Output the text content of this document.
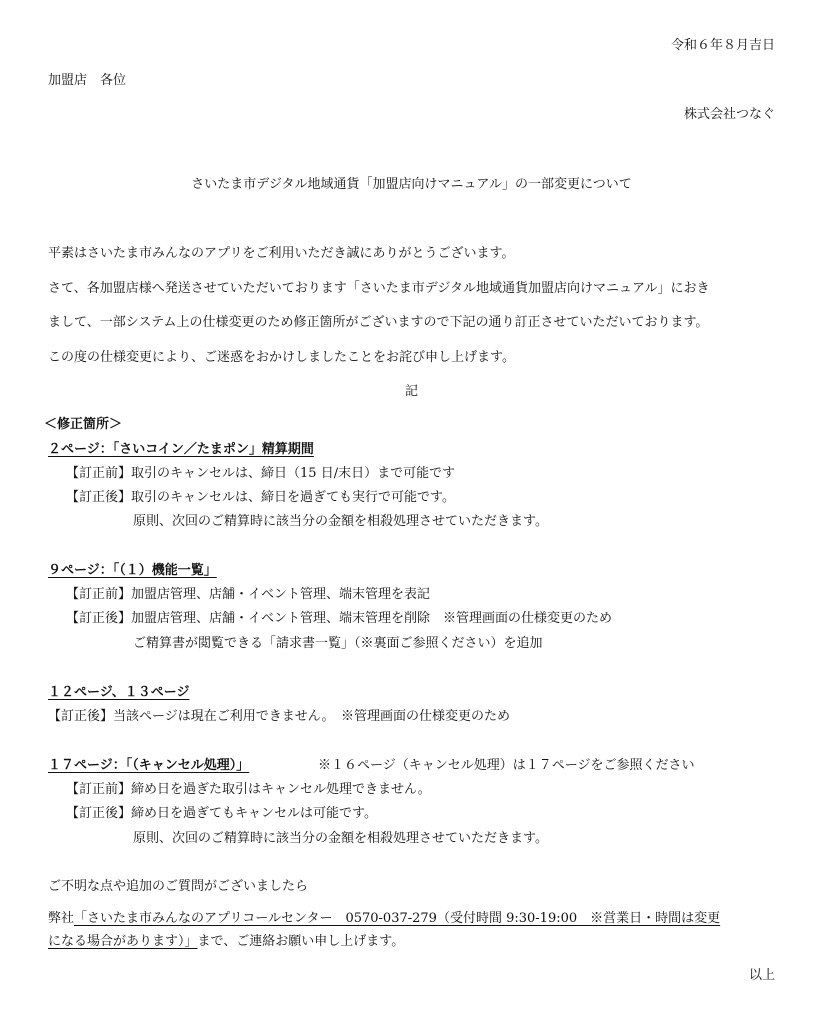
令和６年８月吉日
加盟店　各位
株式会社つなぐ
さいたま市デジタル地域通貨「加盟店向けマニュアル」の一部変更について
平素はさいたま市みんなのアプリをご利用いただき誠にありがとうございます。
さて、各加盟店様へ発送させていただいております「さいたま市デジタル地域通貨加盟店向けマニュアル」におき
まして、一部システム上の仕様変更のため修正箇所がございますので下記の通り訂正させていただいております。
この度の仕様変更により、ご迷惑をおかけしましたことをお詫び申し上げます。
記
＜修正箇所＞
２ページ：「さいコイン／たまポン」精算期間
【訂正前】取引のキャンセルは、締日（15 日/末日）まで可能です
【訂正後】取引のキャンセルは、締日を過ぎても実行で可能です。
原則、次回のご精算時に該当分の金額を相殺処理させていただきます。
９ページ：「（１）機能一覧」
【訂正前】加盟店管理、店舗・イベント管理、端末管理を表記
【訂正後】加盟店管理、店舗・イベント管理、端末管理を削除　※管理画面の仕様変更のため
ご精算書が閲覧できる「請求書一覧」（※裏面ご参照ください）を追加
１２ページ、１３ページ
【訂正後】当該ページは現在ご利用できません。　※管理画面の仕様変更のため
１７ページ：「（キャンセル処理）」	※１６ページ（キャンセル処理）は１７ページをご参照ください
【訂正前】締め日を過ぎた取引はキャンセル処理できません。
【訂正後】締め日を過ぎてもキャンセルは可能です。
原則、次回のご精算時に該当分の金額を相殺処理させていただきます。
ご不明な点や追加のご質問がございましたら
弊社「さいたま市みんなのアプリコールセンター　0570-037-279（受付時間 9:30-19:00　※営業日・時間は変更
になる場合があります）」まで、ご連絡お願い申し上げます。
以上
